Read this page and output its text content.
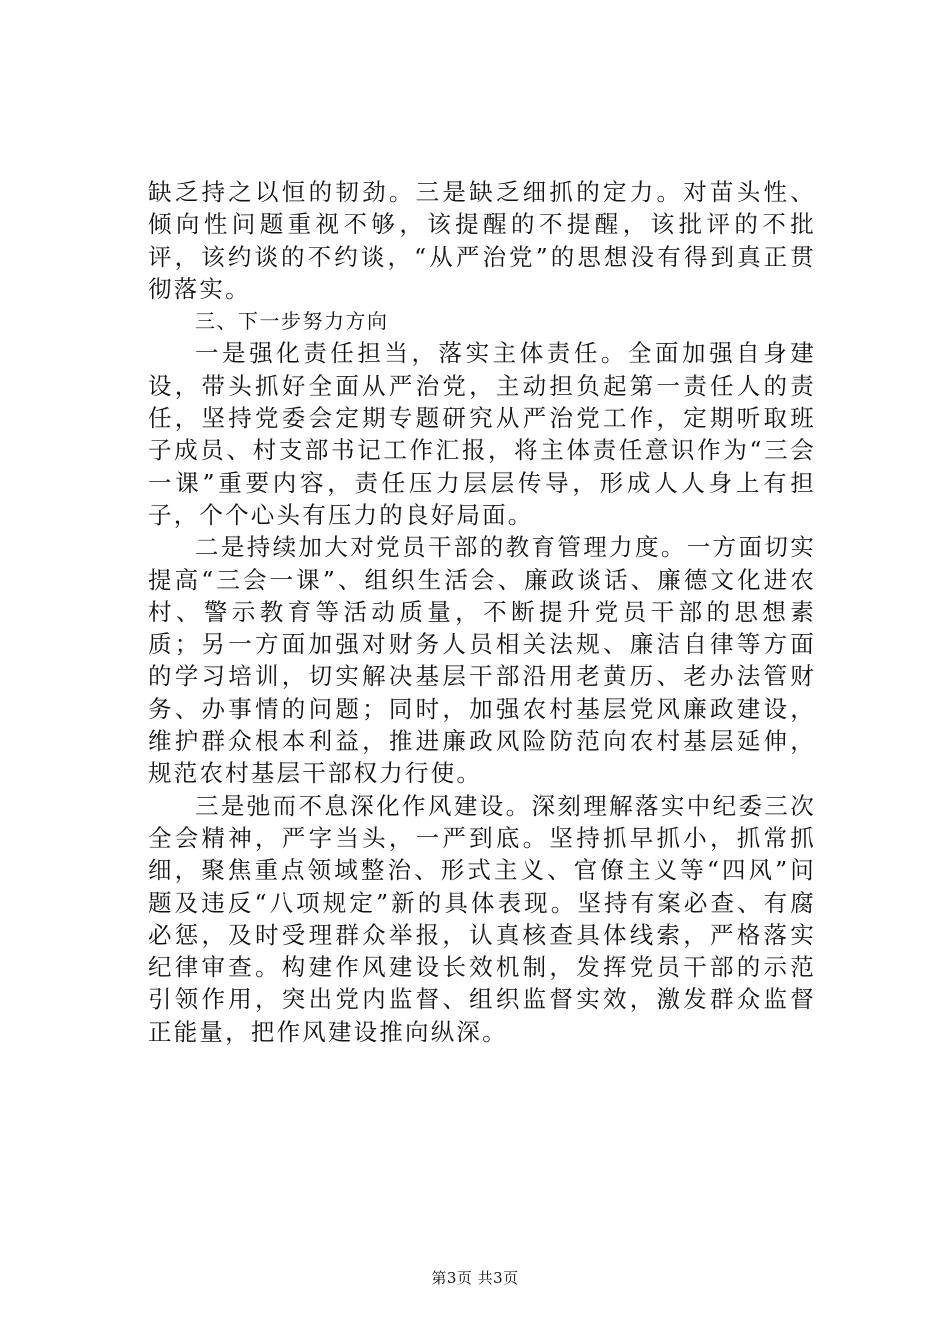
缺乏持之以恒的韧劲。三是缺乏细抓的定力。对苗头性、倾向性问题重视不够，该提醒的不提醒，该批评的不批评，该约谈的不约谈，“从严治党”的思想没有得到真正贯彻落实。

三、下一步努力方向

一是强化责任担当，落实主体责任。全面加强自身建设，带头抓好全面从严治党，主动担负起第一责任人的责任，坚持党委会定期专题研究从严治党工作，定期听取班子成员、村支部书记工作汇报，将主体责任意识作为“三会一课”重要内容，责任压力层层传导，形成人人身上有担子，个个心头有压力的良好局面。

二是持续加大对党员干部的教育管理力度。一方面切实提高“三会一课”、组织生活会、廉政谈话、廉德文化进农村、警示教育等活动质量，不断提升党员干部的思想素质；另一方面加强对财务人员相关法规、廉洁自律等方面的学习培训，切实解决基层干部沿用老黄历、老办法管财务、办事情的问题；同时，加强农村基层党风廉政建设，维护群众根本利益，推进廉政风险防范向农村基层延伸，规范农村基层干部权力行使。

三是弛而不息深化作风建设。深刻理解落实中纪委三次全会精神，严字当头，一严到底。坚持抓早抓小，抓常抓细，聚焦重点领域整治、形式主义、官僚主义等“四风”问题及违反“八项规定”新的具体表现。坚持有案必查、有腐必惩，及时受理群众举报，认真核查具体线索，严格落实纪律审查。构建作风建设长效机制，发挥党员干部的示范引领作用，突出党内监督、组织监督实效，激发群众监督正能量，把作风建设推向纵深。

第3页 共3页
